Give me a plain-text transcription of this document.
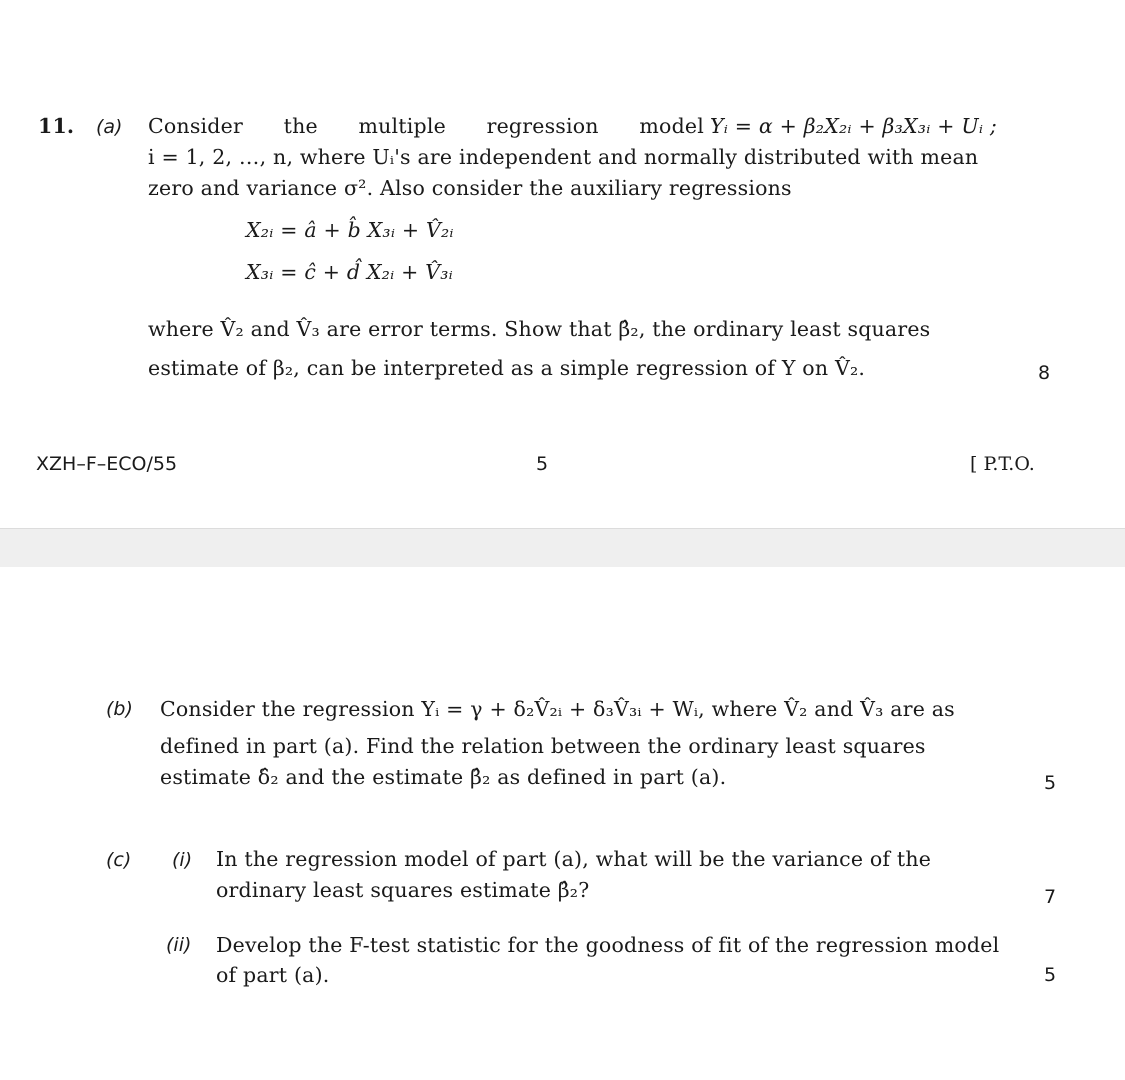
11. (a) Consider the multiple regression model Yᵢ = α + β₂X₂ᵢ + β₃X₃ᵢ + Uᵢ ;
i = 1, 2, …, n, where Uᵢ's are independent and normally distributed with mean
zero and variance σ². Also consider the auxiliary regressions
X₂ᵢ = â + b̂ X₃ᵢ + V̂₂ᵢ
X₃ᵢ = ĉ + d̂ X₂ᵢ + V̂₃ᵢ
where V̂₂ and V̂₃ are error terms. Show that β̂₂, the ordinary least squares
estimate of β₂, can be interpreted as a simple regression of Y on V̂₂.	8
XZH–F–ECO/55	5	[ P.T.O.
(b) Consider the regression Yᵢ = γ + δ₂V̂₂ᵢ + δ₃V̂₃ᵢ + Wᵢ, where V̂₂ and V̂₃ are as
defined in part (a). Find the relation between the ordinary least squares
estimate δ̂₂ and the estimate β̂₂ as defined in part (a).	5
(c) (i) In the regression model of part (a), what will be the variance of the
ordinary least squares estimate β̂₂?	7
(ii) Develop the F-test statistic for the goodness of fit of the regression model
of part (a).	5
